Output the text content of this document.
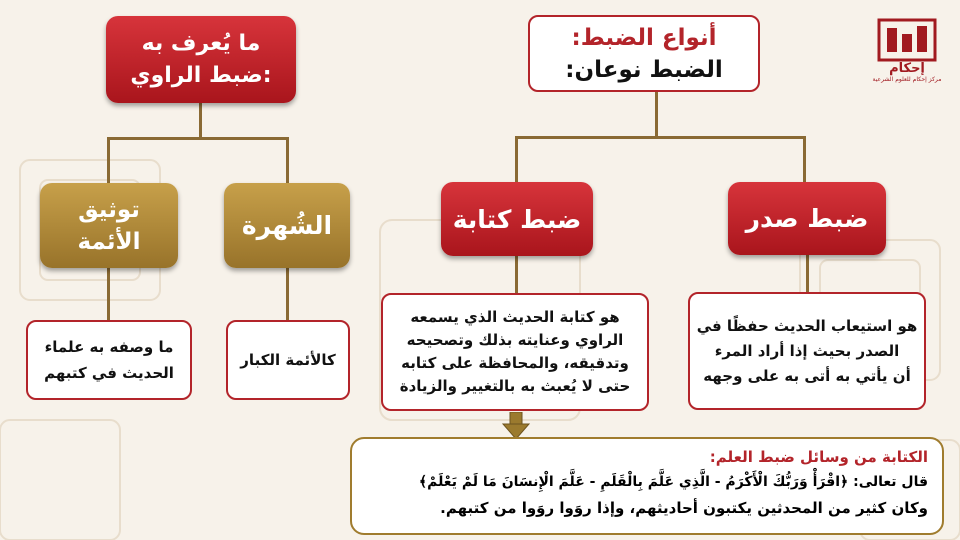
إحكام
مركز إحكام للعلوم الشرعية
أنواع الضبط:
الضبط نوعان:
ما يُعرف به
ضبط الراوي:
ضبط صدر
ضبط كتابة
الشُهرة
توثيق
الأئمة
هو استيعاب الحديث حفظًا في
الصدر بحيث إذا أراد المرء
أن يأتي به أتى به على وجهه
هو كتابة الحديث الذي يسمعه
الراوي وعنايته بذلك وتصحيحه
وتدقيقه، والمحافظة على كتابه
حتى لا يُعبث به بالتغيير والزيادة
كالأئمة الكبار
ما وصفه به علماء
الحديث في كتبهم
الكتابة من وسائل ضبط العلم:
قال تعالى: ﴿اقْرَأْ وَرَبُّكَ الْأَكْرَمُ - الَّذِي عَلَّمَ بِالْقَلَمِ - عَلَّمَ الْإِنسَانَ مَا لَمْ يَعْلَمْ﴾
وكان كثير من المحدثين يكتبون أحاديثهم، وإذا روَوا روَوا من كتبهم.
